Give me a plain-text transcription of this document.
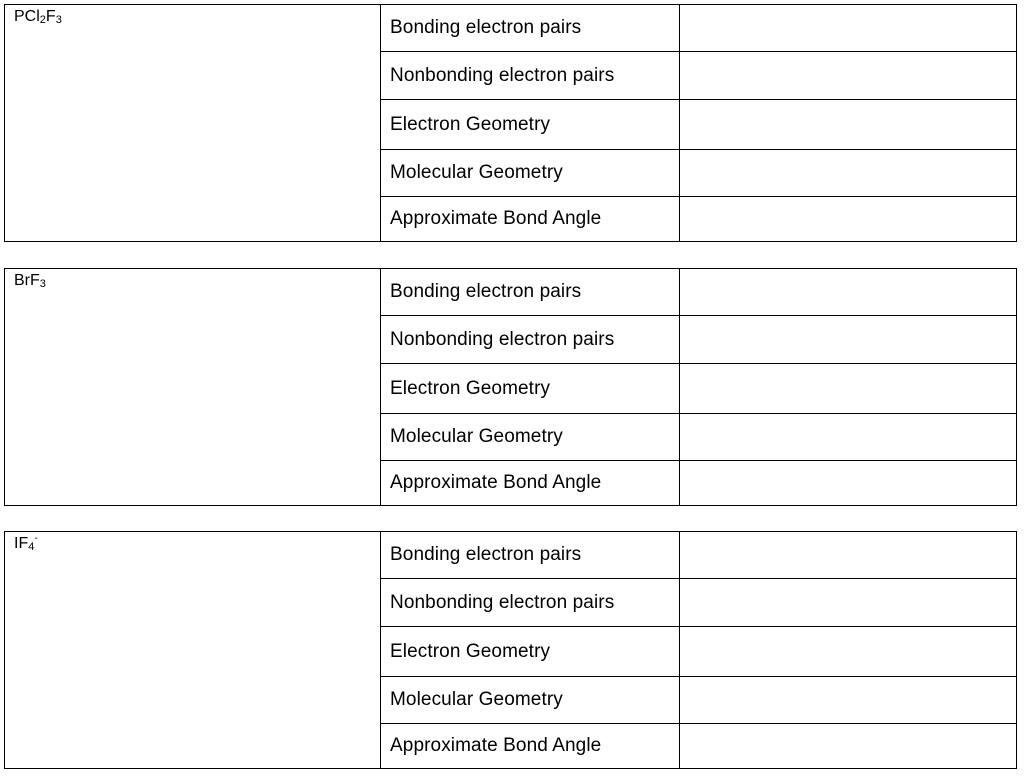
$PCl_2F_3$	Bonding electron pairs
Nonbonding electron pairs
Electron Geometry
Molecular Geometry
Approximate Bond Angle
BrF$_3$	Bonding electron pairs
Nonbonding electron pairs
Electron Geometry
Molecular Geometry
Approximate Bond Angle
$IF_4^-$
Bonding electron pairs
Nonbonding electron pairs
Electron Geometry
Molecular Geometry
Approximate Bond Angle
